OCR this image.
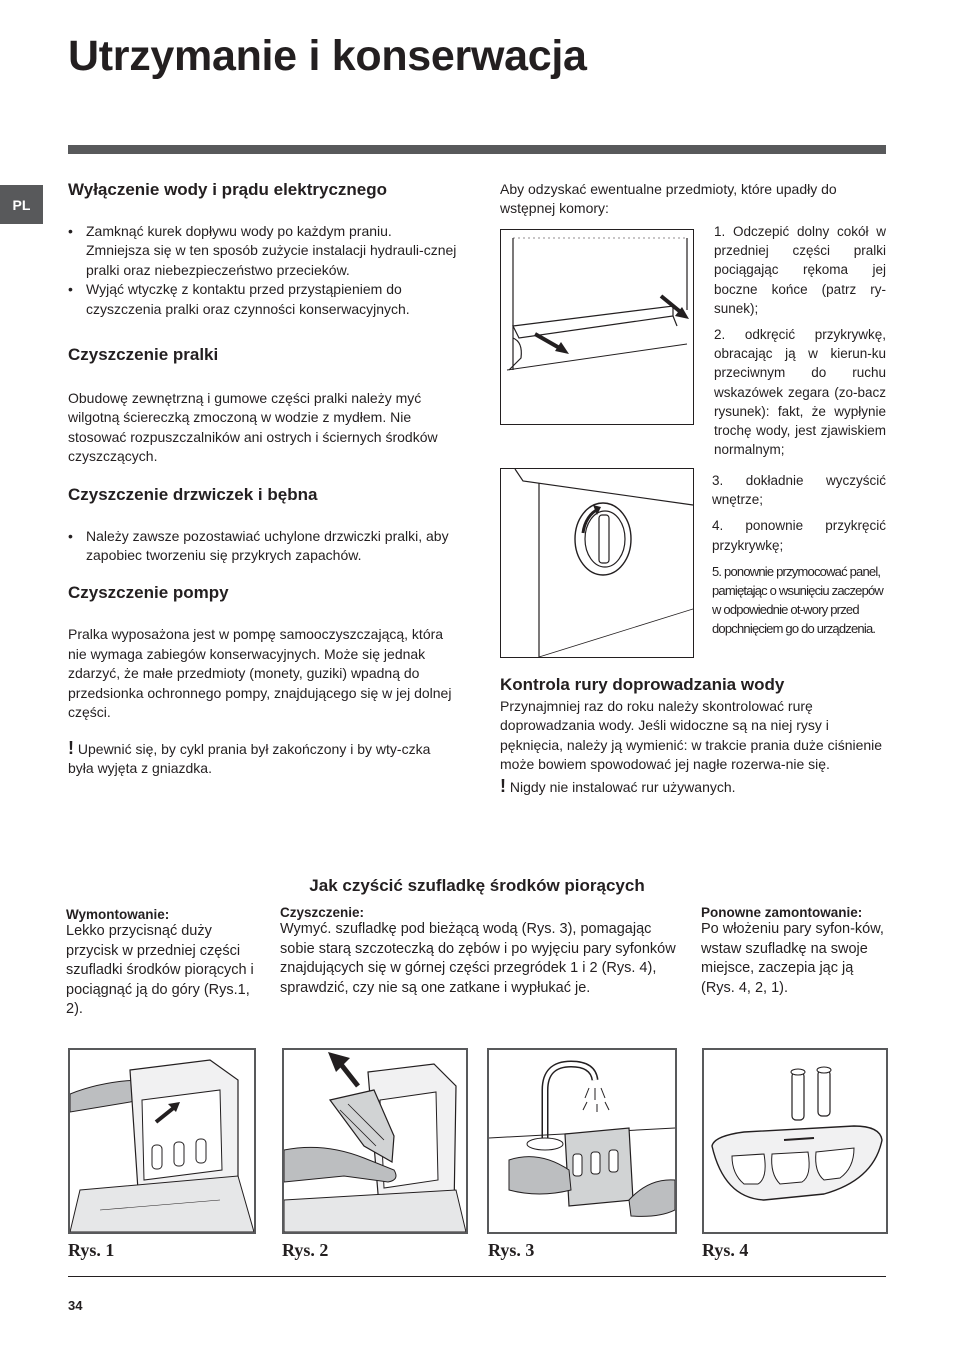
Utrzymanie i konserwacja
PL

Wyłączenie wody i prądu elektrycznego

• Zamknąć kurek dopływu wody po każdym praniu. Zmniejsza się w ten sposób zużycie instalacji hydrauli-cznej pralki oraz niebezpieczeństwo przecieków.
• Wyjąć wtyczkę z kontaktu przed przystąpieniem do czyszczenia pralki oraz czynności konserwacyjnych.

Czyszczenie pralki

Obudowę zewnętrzną i gumowe części pralki należy myć wilgotną ściereczką zmoczoną w wodzie z mydłem. Nie stosować rozpuszczalników ani ostrych i ściernych środków czyszczących.

Czyszczenie drzwiczek i bębna

• Należy zawsze pozostawiać uchylone drzwiczki pralki, aby zapobiec tworzeniu się przykrych zapachów.

Czyszczenie pompy

Pralka wyposażona jest w pompę samooczyszczającą, która nie wymaga zabiegów konserwacyjnych. Może się jednak zdarzyć, że małe przedmioty (monety, guziki) wpadną do przedsionka ochronnego pompy, znajdującego się w jej dolnej części.

! Upewnić się, by cykl prania był zakończony i by wty-czka była wyjęta z gniazdka.

Aby odzyskać ewentualne przedmioty, które upadły do wstępnej komory:

1. Odczepić dolny cokół w przedniej części pralki pociągając rękoma jej boczne końce (patrz ry-sunek);

2. odkręcić przykrywkę, obracając ją w kierun-ku przeciwnym do ruchu wskazówek zegara (zo-bacz rysunek): fakt, że wypłynie trochę wody, jest zjawiskiem normalnym;

3. dokładnie wyczyścić wnętrze;

4. ponownie przykręcić przykrywkę;

5. ponownie przymocować panel, pamiętając o wsunięciu zaczepów w odpowiednie ot-wory przed dopchnięciem go do urządzenia.

Kontrola rury doprowadzania wody

Przynajmniej raz do roku należy skontrolować rurę doprowadzania wody. Jeśli widoczne są na niej rysy i pęknięcia, należy ją wymienić: w trakcie prania duże ciśnienie może bowiem spowodować jej nagłe rozerwa-nie się.

! Nigdy nie instalować rur używanych.

Jak czyścić szufladkę środków piorących

Wymontowanie:

Lekko przycisnąć duży przycisk w przedniej części szufladki środków piorących i pociągnąć ją do góry (Rys.1, 2).

Czyszczenie:

Wymyć. szufladkę pod bieżącą wodą (Rys. 3), pomagając sobie starą szczoteczką do zębów i po wyjęciu pary syfonków znajdujących się w górnej części przegródek 1 i 2 (Rys. 4), sprawdzić, czy nie są one zatkane i wypłukać je.

Ponowne zamontowanie:

Po włożeniu pary syfon-ków, wstaw szufladkę na swoje miejsce, zaczepia jąc ją (Rys. 4, 2, 1).

Rys. 1	Rys. 2	Rys. 3	Rys. 4
34
